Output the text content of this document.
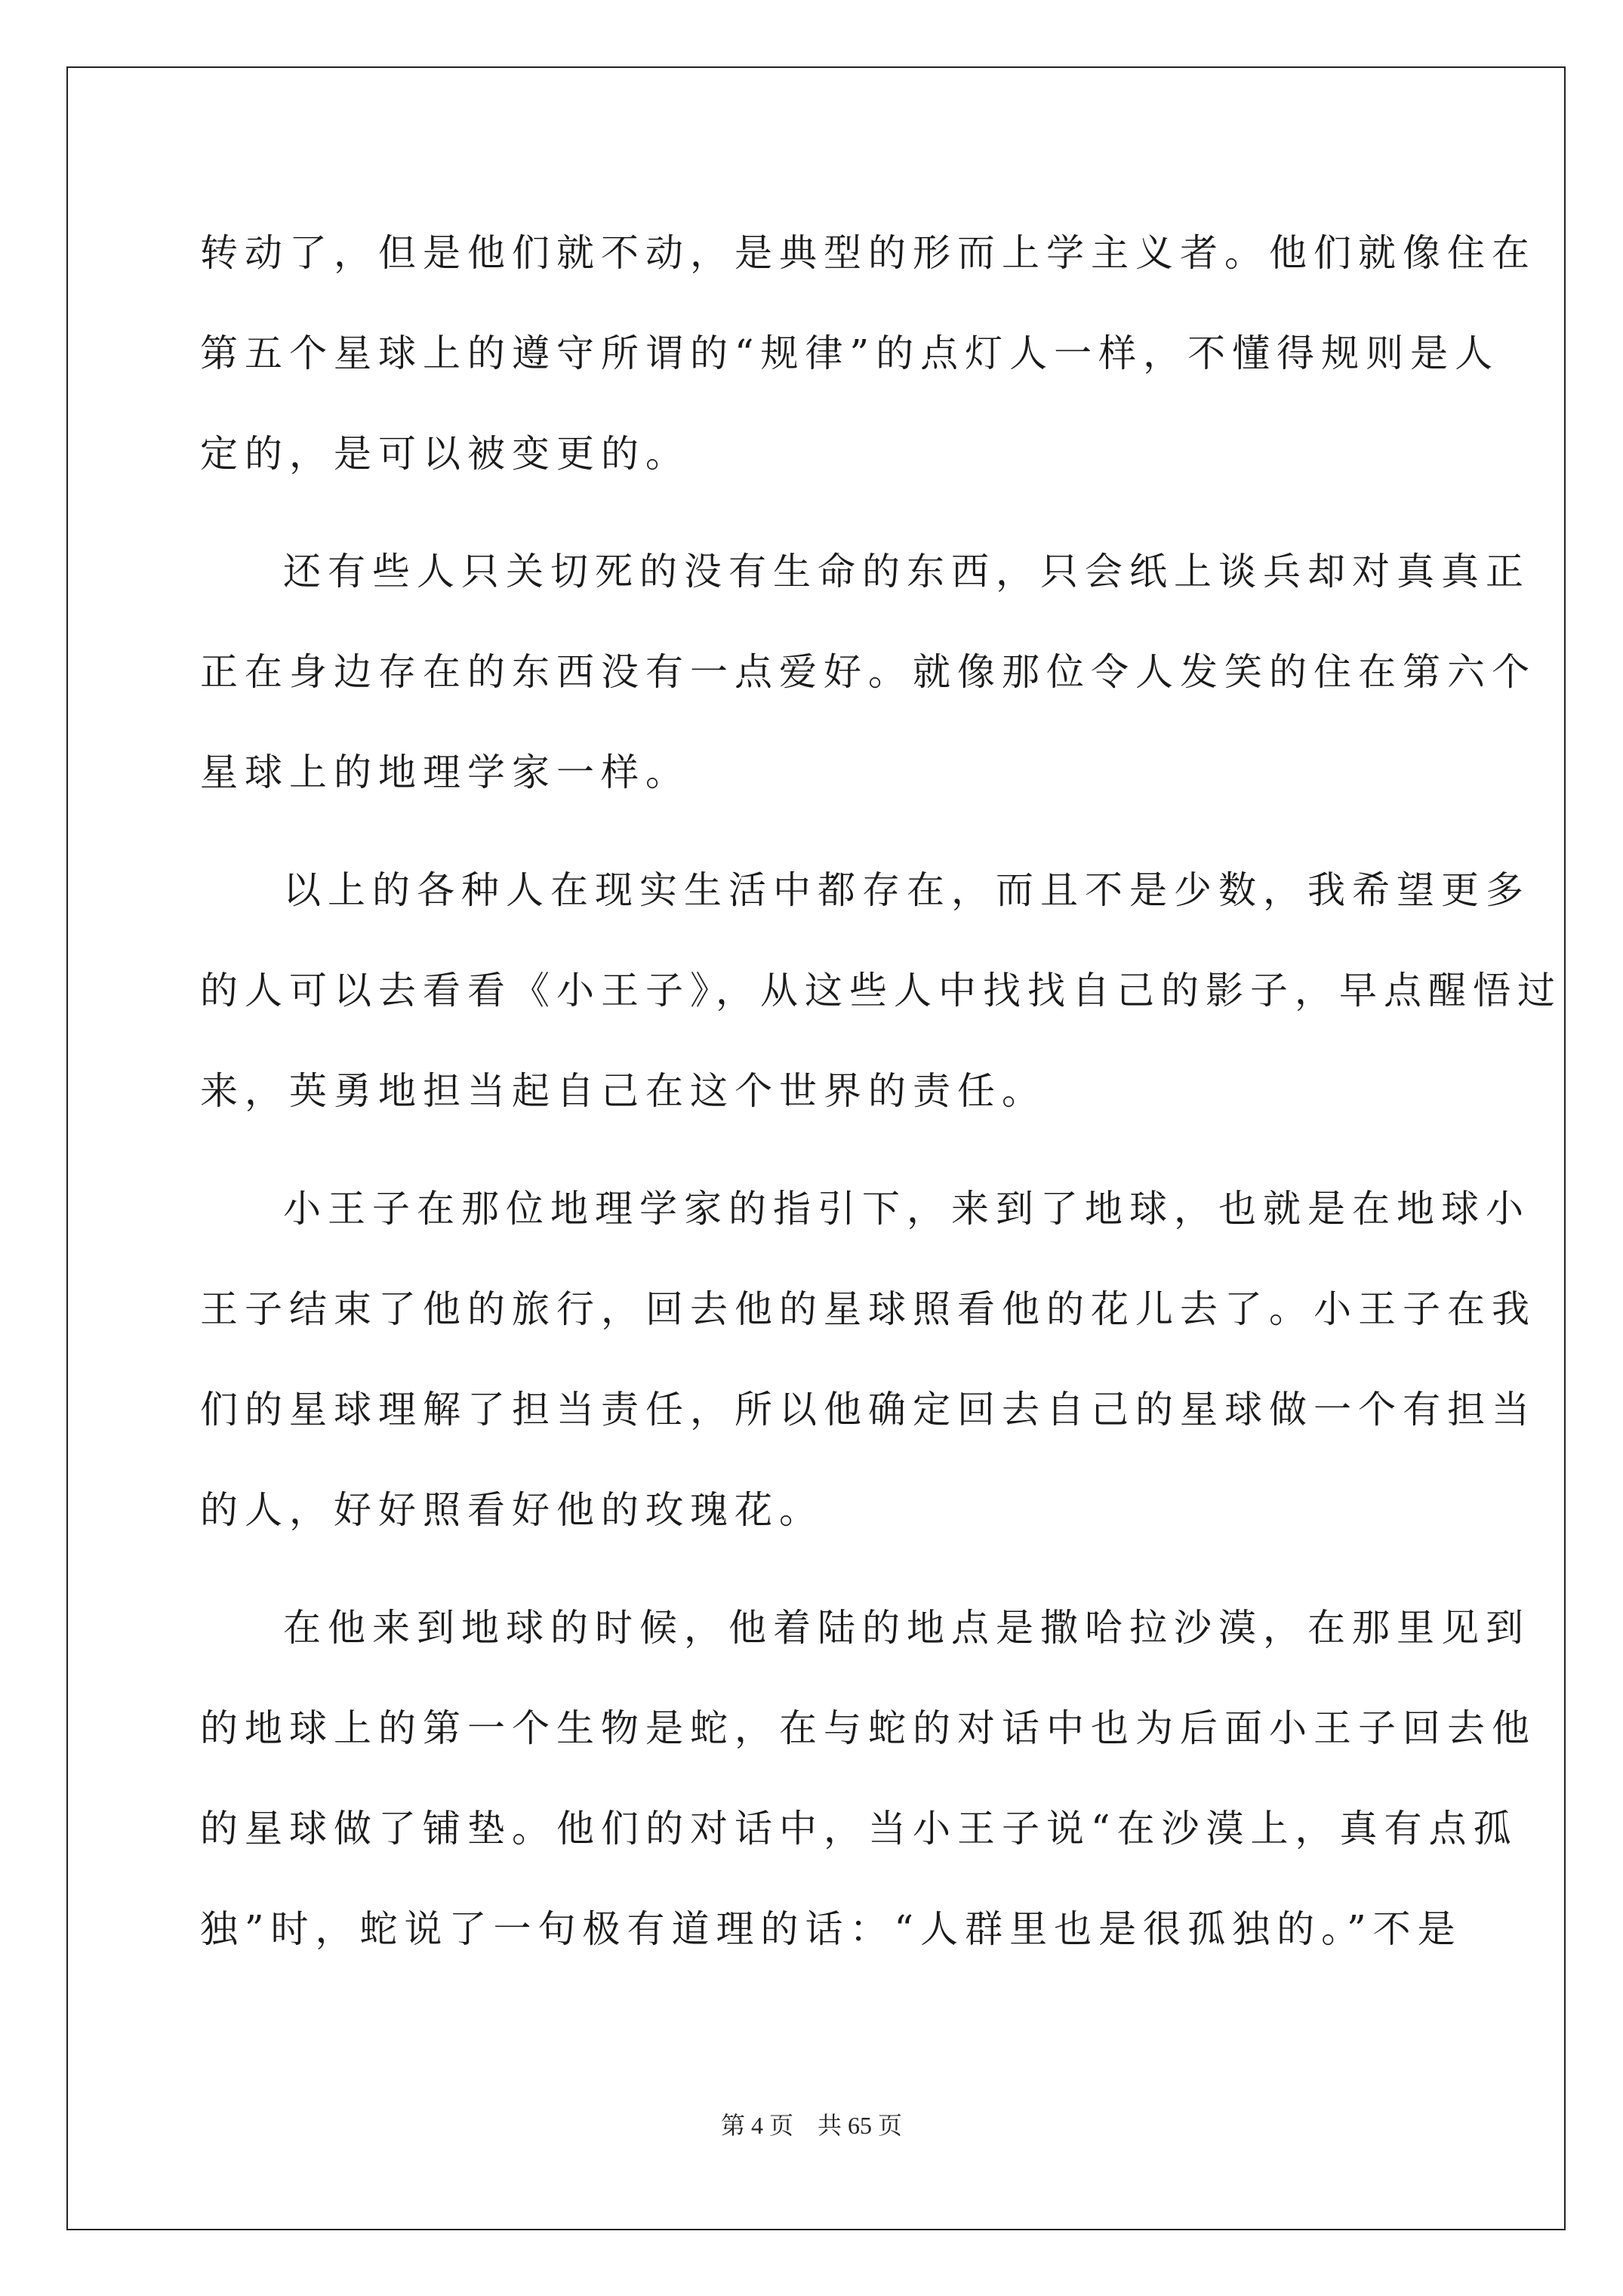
转动了，但是他们就不动，是典型的形而上学主义者。他们就像住在
第五个星球上的遵守所谓的“规律”的点灯人一样，不懂得规则是人
定的，是可以被变更的。
还有些人只关切死的没有生命的东西，只会纸上谈兵却对真真正
正在身边存在的东西没有一点爱好。就像那位令人发笑的住在第六个
星球上的地理学家一样。
以上的各种人在现实生活中都存在，而且不是少数，我希望更多
的人可以去看看《小王子》，从这些人中找找自己的影子，早点醒悟过
来，英勇地担当起自己在这个世界的责任。
小王子在那位地理学家的指引下，来到了地球，也就是在地球小
王子结束了他的旅行，回去他的星球照看他的花儿去了。小王子在我
们的星球理解了担当责任，所以他确定回去自己的星球做一个有担当
的人，好好照看好他的玫瑰花。
在他来到地球的时候，他着陆的地点是撒哈拉沙漠，在那里见到
的地球上的第一个生物是蛇，在与蛇的对话中也为后面小王子回去他
的星球做了铺垫。他们的对话中，当小王子说“在沙漠上，真有点孤
独”时，蛇说了一句极有道理的话：“人群里也是很孤独的。”不是
第 4 页　共 65 页
